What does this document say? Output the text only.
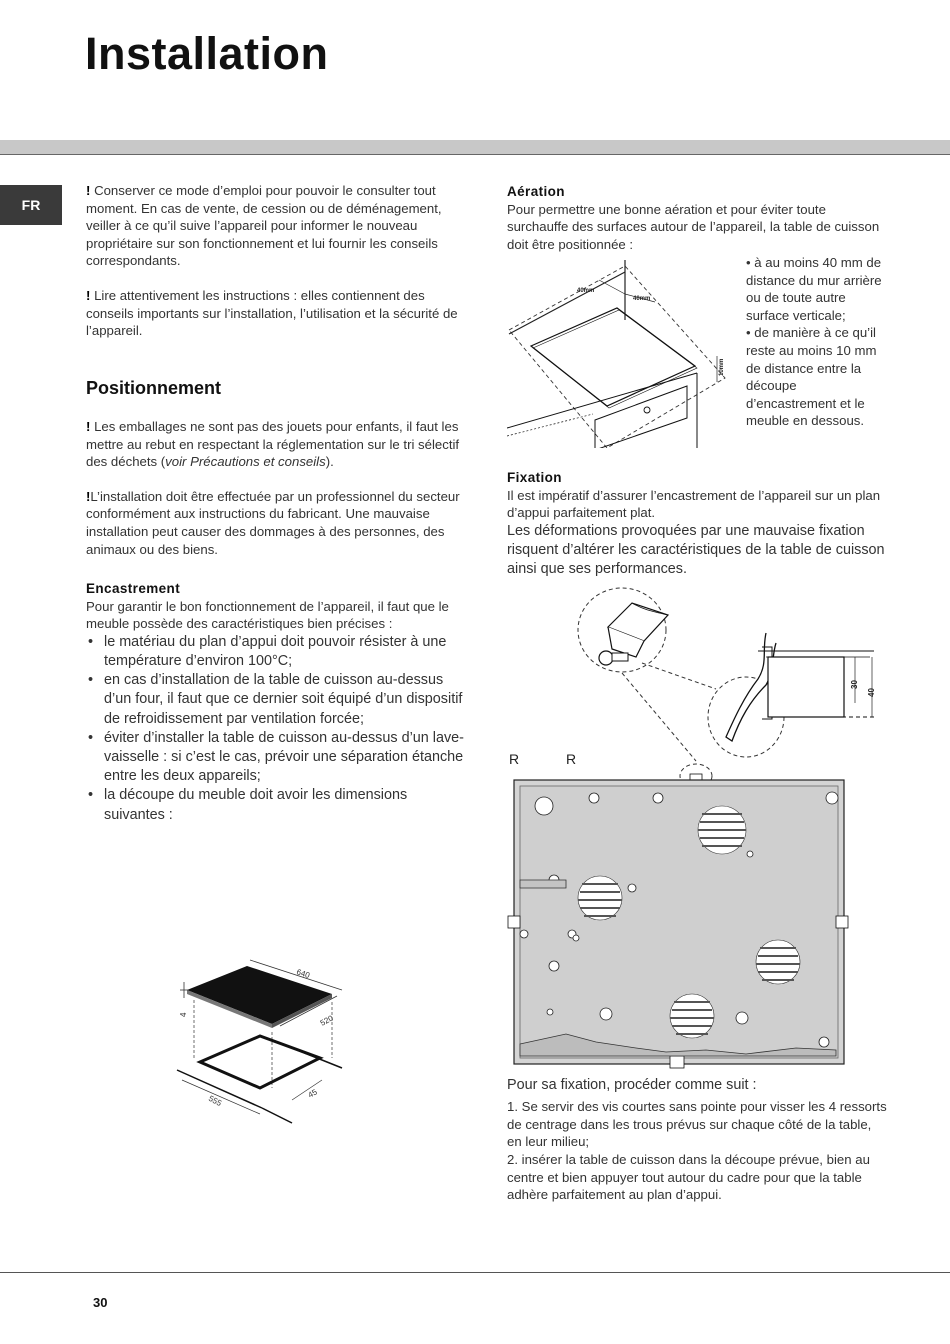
Installation
FR

! Conserver ce mode d’emploi pour pouvoir le consulter tout moment. En cas de vente, de cession ou de déménagement, veiller à ce qu’il suive l’appareil pour informer le nouveau propriétaire sur son fonctionnement et lui fournir les conseils correspondants.

! Lire attentivement les instructions : elles contiennent des conseils importants sur l’installation, l’utilisation et la sécurité de l’appareil.

Positionnement

! Les emballages ne sont pas des jouets pour enfants, il faut les mettre au rebut en respectant la réglementation sur le tri sélectif des déchets (voir Précautions et conseils).

!L’installation doit être effectuée par un professionnel du secteur conformément aux instructions du fabricant. Une mauvaise installation peut causer des dommages à des personnes, des animaux ou des biens.

Encastrement

Pour garantir le bon fonctionnement de l’appareil, il faut que le meuble possède des caractéristiques bien précises :

• le matériau du plan d’appui doit pouvoir résister à une température d’environ 100°C;
• en cas d’installation de la table de cuisson au-dessus d’un four, il faut que ce dernier soit équipé d’un dispositif de refroidissement par ventilation forcée;
• éviter d’installer la table de cuisson au-dessus d’un lave-vaisselle : si c’est le cas, prévoir une séparation étanche entre les deux appareils;
• la découpe du meuble doit avoir les dimensions suivantes :
640
520
4
555
45
Aération

Pour permettre une bonne aération et pour éviter toute surchauffe des surfaces autour de l’appareil, la table de cuisson doit être positionnée :

40mm
40mm
10mm

• à au moins 40 mm de distance du mur arrière ou de toute autre surface verticale;

• de manière à ce qu’il reste au moins 10 mm de distance entre la découpe d’encastrement et le meuble en dessous.

Fixation

Il est impératif d’assurer l’encastrement de l’appareil sur un plan d’appui parfaitement plat.

Les déformations provoquées par une mauvaise fixation risquent d’altérer les caractéristiques de la table de cuisson ainsi que ses performances.

30
40
R	R

Pour sa fixation, procéder comme suit :

1. Se servir des vis courtes sans pointe pour visser les 4 ressorts de centrage dans les trous prévus sur chaque côté de la table, en leur milieu;

2. insérer la table de cuisson dans la découpe prévue, bien au centre et bien appuyer tout autour du cadre pour que la table adhère parfaitement au plan d’appui.

30
